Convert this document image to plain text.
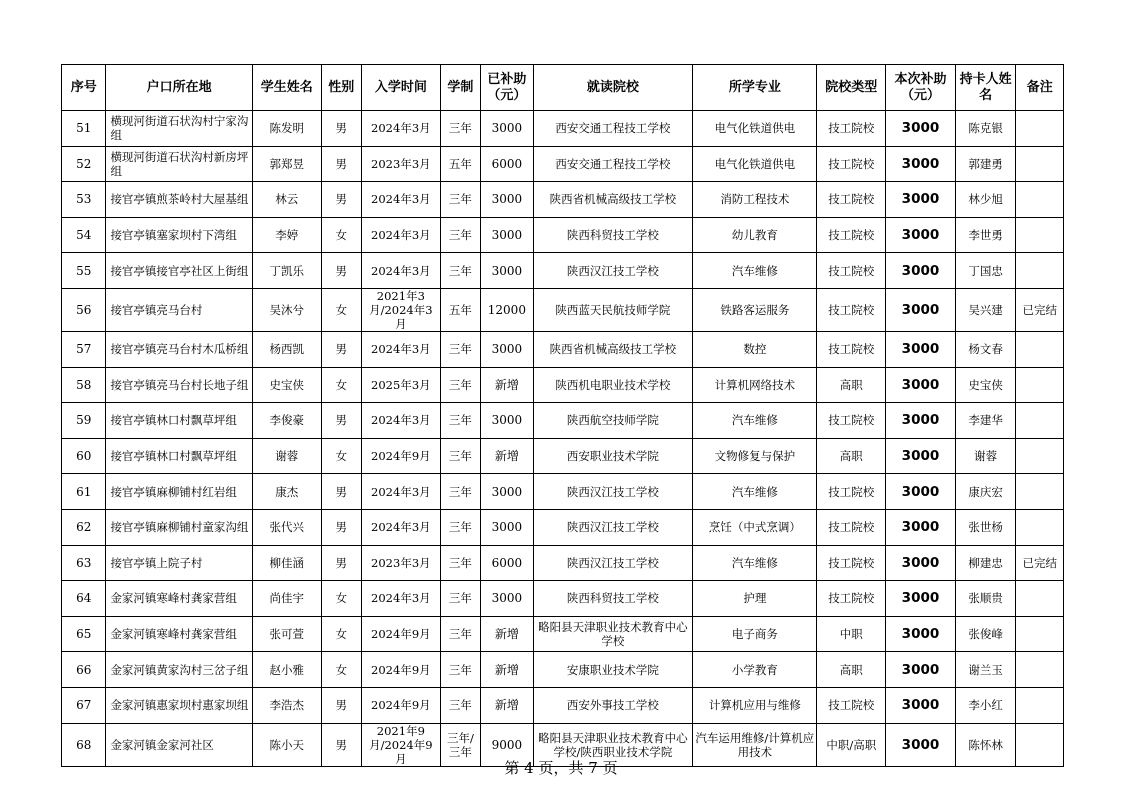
序号	户口所在地	学生姓名	性别	入学时间	学制	已补助（元）	就读院校	所学专业	院校类型	本次补助（元）	持卡人姓名	备注
51	横现河街道石状沟村宁家沟组	陈发明	男	2024年3月	三年	3000	西安交通工程技工学校	电气化铁道供电	技工院校	3000	陈克银	
52	横现河街道石状沟村新房坪组	郭郑昱	男	2023年3月	五年	6000	西安交通工程技工学校	电气化铁道供电	技工院校	3000	郭建勇	
53	接官亭镇煎茶岭村大屋基组	林云	男	2024年3月	三年	3000	陕西省机械高级技工学校	消防工程技术	技工院校	3000	林少旭	
54	接官亭镇塞家坝村下湾组	李婷	女	2024年3月	三年	3000	陕西科贸技工学校	幼儿教育	技工院校	3000	李世勇	
55	接官亭镇接官亭社区上街组	丁凯乐	男	2024年3月	三年	3000	陕西汉江技工学校	汽车维修	技工院校	3000	丁国忠	
56	接官亭镇亮马台村	吴沐兮	女	2021年3月/2024年3月	五年	12000	陕西蓝天民航技师学院	铁路客运服务	技工院校	3000	吴兴建	已完结
57	接官亭镇亮马台村木瓜桥组	杨西凯	男	2024年3月	三年	3000	陕西省机械高级技工学校	数控	技工院校	3000	杨文春	
58	接官亭镇亮马台村长地子组	史宝侠	女	2025年3月	三年	新增	陕西机电职业技术学校	计算机网络技术	高职	3000	史宝侠	
59	接官亭镇林口村飘草坪组	李俊豪	男	2024年3月	三年	3000	陕西航空技师学院	汽车维修	技工院校	3000	李建华	
60	接官亭镇林口村飘草坪组	谢蓉	女	2024年9月	三年	新增	西安职业技术学院	文物修复与保护	高职	3000	谢蓉	
61	接官亭镇麻柳铺村红岩组	康杰	男	2024年3月	三年	3000	陕西汉江技工学校	汽车维修	技工院校	3000	康庆宏	
62	接官亭镇麻柳铺村童家沟组	张代兴	男	2024年3月	三年	3000	陕西汉江技工学校	烹饪（中式烹调）	技工院校	3000	张世杨	
63	接官亭镇上院子村	柳佳涵	男	2023年3月	三年	6000	陕西汉江技工学校	汽车维修	技工院校	3000	柳建忠	已完结
64	金家河镇寒峰村龚家营组	尚佳宇	女	2024年3月	三年	3000	陕西科贸技工学校	护理	技工院校	3000	张顺贵	
65	金家河镇寒峰村龚家营组	张可萱	女	2024年9月	三年	新增	略阳县天津职业技术教育中心学校	电子商务	中职	3000	张俊峰	
66	金家河镇黄家沟村三岔子组	赵小雅	女	2024年9月	三年	新增	安康职业技术学院	小学教育	高职	3000	谢兰玉	
67	金家河镇惠家坝村惠家坝组	李浩杰	男	2024年9月	三年	新增	西安外事技工学校	计算机应用与维修	技工院校	3000	李小红	
68	金家河镇金家河社区	陈小天	男	2021年9月/2024年9月	三年/三年	9000	略阳县天津职业技术教育中心学校/陕西职业技术学院	汽车运用维修/计算机应用技术	中职/高职	3000	陈怀林	
第 4 页，共 7 页
